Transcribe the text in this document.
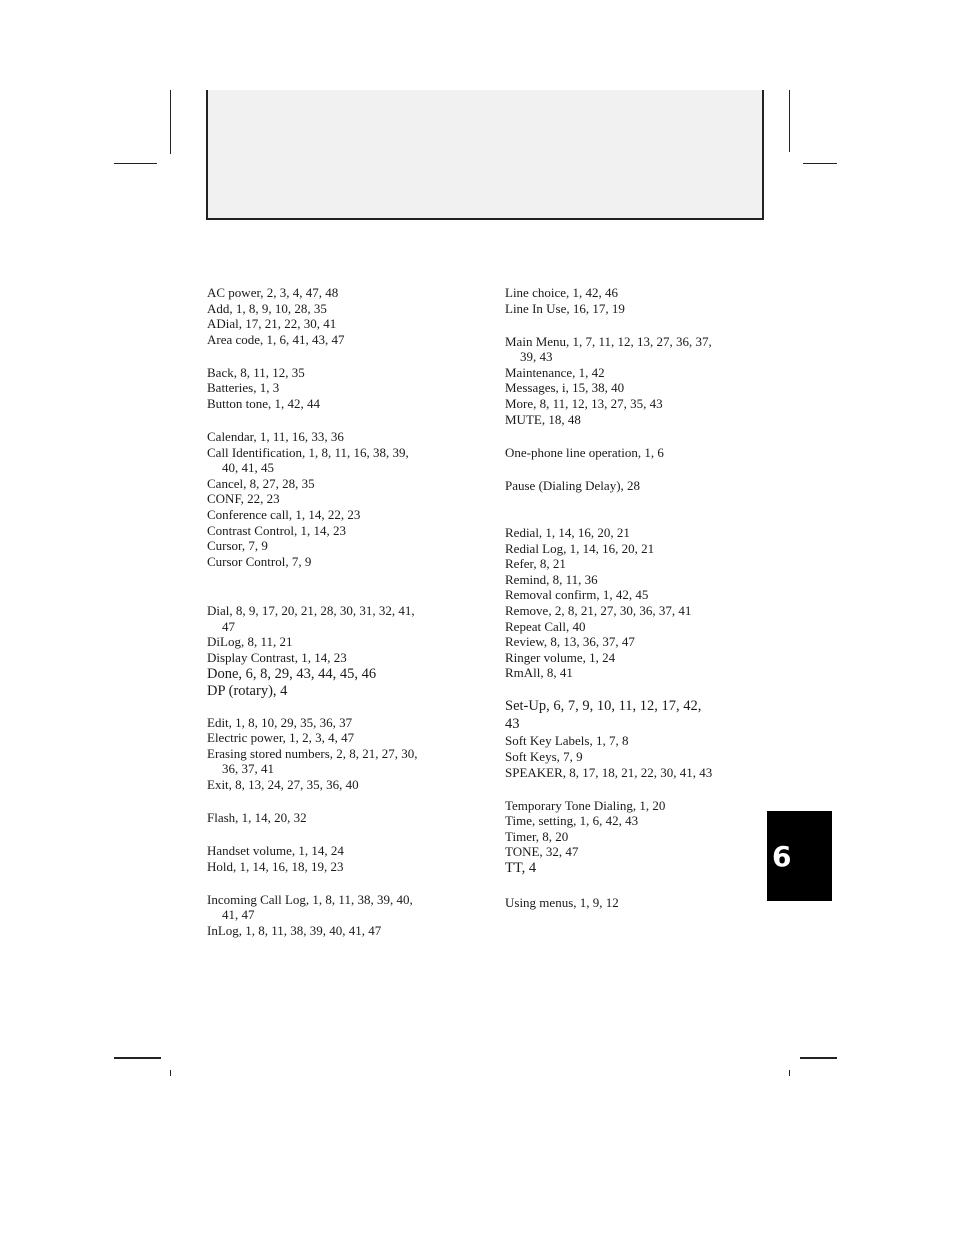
AC power, 2, 3, 4, 47, 48
Add, 1, 8, 9, 10, 28, 35
ADial, 17, 21, 22, 30, 41
Area code, 1, 6, 41, 43, 47
Back, 8, 11, 12, 35
Batteries, 1, 3
Button tone, 1, 42, 44
Calendar, 1, 11, 16, 33, 36
Call Identification, 1, 8, 11, 16, 38, 39,
40, 41, 45
Cancel, 8, 27, 28, 35
CONF, 22, 23
Conference call, 1, 14, 22, 23
Contrast Control, 1, 14, 23
Cursor, 7, 9
Cursor Control, 7, 9
Dial, 8, 9, 17, 20, 21, 28, 30, 31, 32, 41,
47
DiLog, 8, 11, 21
Display Contrast, 1, 14, 23
Done, 6, 8, 29, 43, 44, 45, 46
DP (rotary), 4
Edit, 1, 8, 10, 29, 35, 36, 37
Electric power, 1, 2, 3, 4, 47
Erasing stored numbers, 2, 8, 21, 27, 30,
36, 37, 41
Exit, 8, 13, 24, 27, 35, 36, 40
Flash, 1, 14, 20, 32
Handset volume, 1, 14, 24
Hold, 1, 14, 16, 18, 19, 23
Incoming Call Log, 1, 8, 11, 38, 39, 40,
41, 47
InLog, 1, 8, 11, 38, 39, 40, 41, 47
Line choice, 1, 42, 46
Line In Use, 16, 17, 19
Main Menu, 1, 7, 11, 12, 13, 27, 36, 37,
39, 43
Maintenance, 1, 42
Messages, i, 15, 38, 40
More, 8, 11, 12, 13, 27, 35, 43
MUTE, 18, 48
One-phone line operation, 1, 6
Pause (Dialing Delay), 28
Redial, 1, 14, 16, 20, 21
Redial Log, 1, 14, 16, 20, 21
Refer, 8, 21
Remind, 8, 11, 36
Removal confirm, 1, 42, 45
Remove, 2, 8, 21, 27, 30, 36, 37, 41
Repeat Call, 40
Review, 8, 13, 36, 37, 47
Ringer volume, 1, 24
RmAll, 8, 41
Set-Up, 6, 7, 9, 10, 11, 12, 17, 42,
43
Soft Key Labels, 1, 7, 8
Soft Keys, 7, 9
SPEAKER, 8, 17, 18, 21, 22, 30, 41, 43
Temporary Tone Dialing, 1, 20
Time, setting, 1, 6, 42, 43
Timer, 8, 20
TONE, 32, 47
TT, 4
Using menus, 1, 9, 12
6
